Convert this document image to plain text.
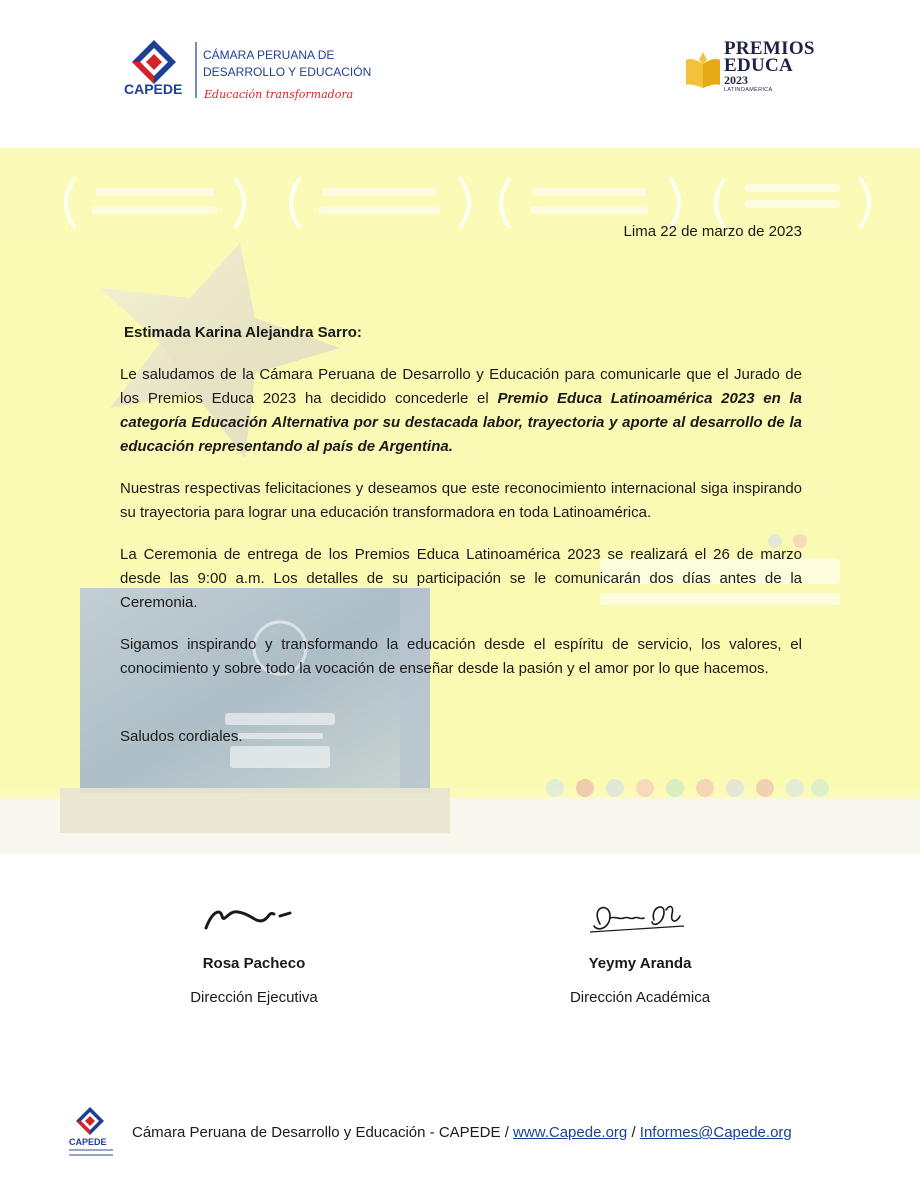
CAPEDE
CÁMARA PERUANA DE
DESARROLLO Y EDUCACIÓN
Educación transformadora
PREMIOS
EDUCA
2023
LATINOAMÉRICA
Lima 22 de marzo de 2023
Estimada Karina Alejandra Sarro:
Le saludamos de la Cámara Peruana de Desarrollo y Educación para comunicarle que el Jurado de los Premios Educa 2023 ha decidido concederle el Premio Educa Latinoamérica 2023 en la categoría Educación Alternativa por su destacada labor, trayectoria y aporte al desarrollo de la educación representando al país de Argentina.
Nuestras respectivas felicitaciones y deseamos que este reconocimiento internacional siga inspirando su trayectoria para lograr una educación transformadora en toda Latinoamérica.
La Ceremonia de entrega de los Premios Educa Latinoamérica 2023 se realizará el 26 de marzo desde las 9:00 a.m. Los detalles de su participación se le comunicarán dos días antes de la Ceremonia.
Sigamos inspirando y transformando la educación desde el espíritu de servicio, los valores, el conocimiento y sobre todo la vocación de enseñar desde la pasión y el amor por lo que hacemos.
Saludos cordiales.
Rosa Pacheco
Dirección Ejecutiva
Yeymy Aranda
Dirección Académica
CAPEDE
Cámara Peruana de Desarrollo y Educación - CAPEDE / www.Capede.org / Informes@Capede.org
